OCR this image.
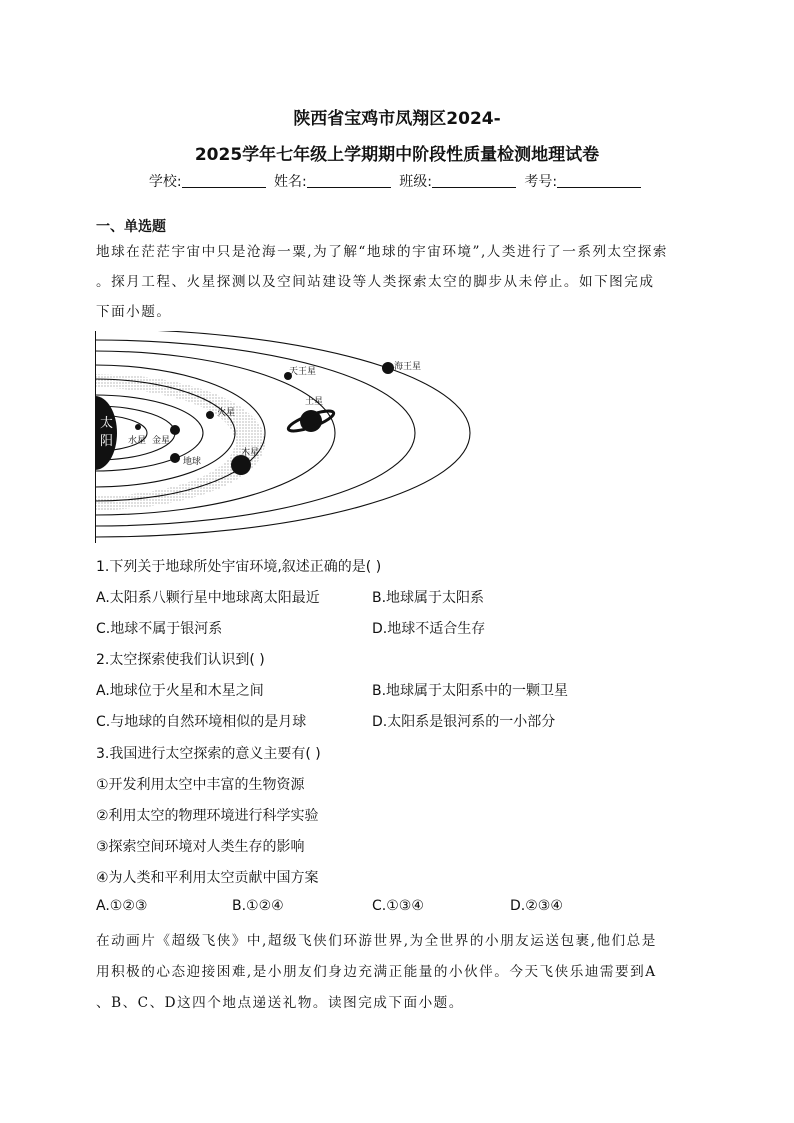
陕西省宝鸡市凤翔区2024-
2025学年七年级上学期期中阶段性质量检测地理试卷
学校:	姓名:	班级:	考号:
一、单选题
地球在茫茫宇宙中只是沧海一粟,为了解“地球的宇宙环境”,人类进行了一系列太空探索
。探月工程、火星探测以及空间站建设等人类探索太空的脚步从未停止。如下图完成
下面小题。
太
阳 水星 金星
地球
火星
木星
土星
天王星	海王星
1.下列关于地球所处宇宙环境,叙述正确的是( )
A.太阳系八颗行星中地球离太阳最近	B.地球属于太阳系
C.地球不属于银河系	D.地球不适合生存
2.太空探索使我们认识到( )
A.地球位于火星和木星之间	B.地球属于太阳系中的一颗卫星
C.与地球的自然环境相似的是月球	D.太阳系是银河系的一小部分
3.我国进行太空探索的意义主要有( )
①开发利用太空中丰富的生物资源
②利用太空的物理环境进行科学实验
③探索空间环境对人类生存的影响
④为人类和平利用太空贡献中国方案
A.①②③	B.①②④	C.①③④	D.②③④
在动画片《超级飞侠》中,超级飞侠们环游世界,为全世界的小朋友运送包裹,他们总是
用积极的心态迎接困难,是小朋友们身边充满正能量的小伙伴。今天飞侠乐迪需要到A
、B、C、D这四个地点递送礼物。读图完成下面小题。
